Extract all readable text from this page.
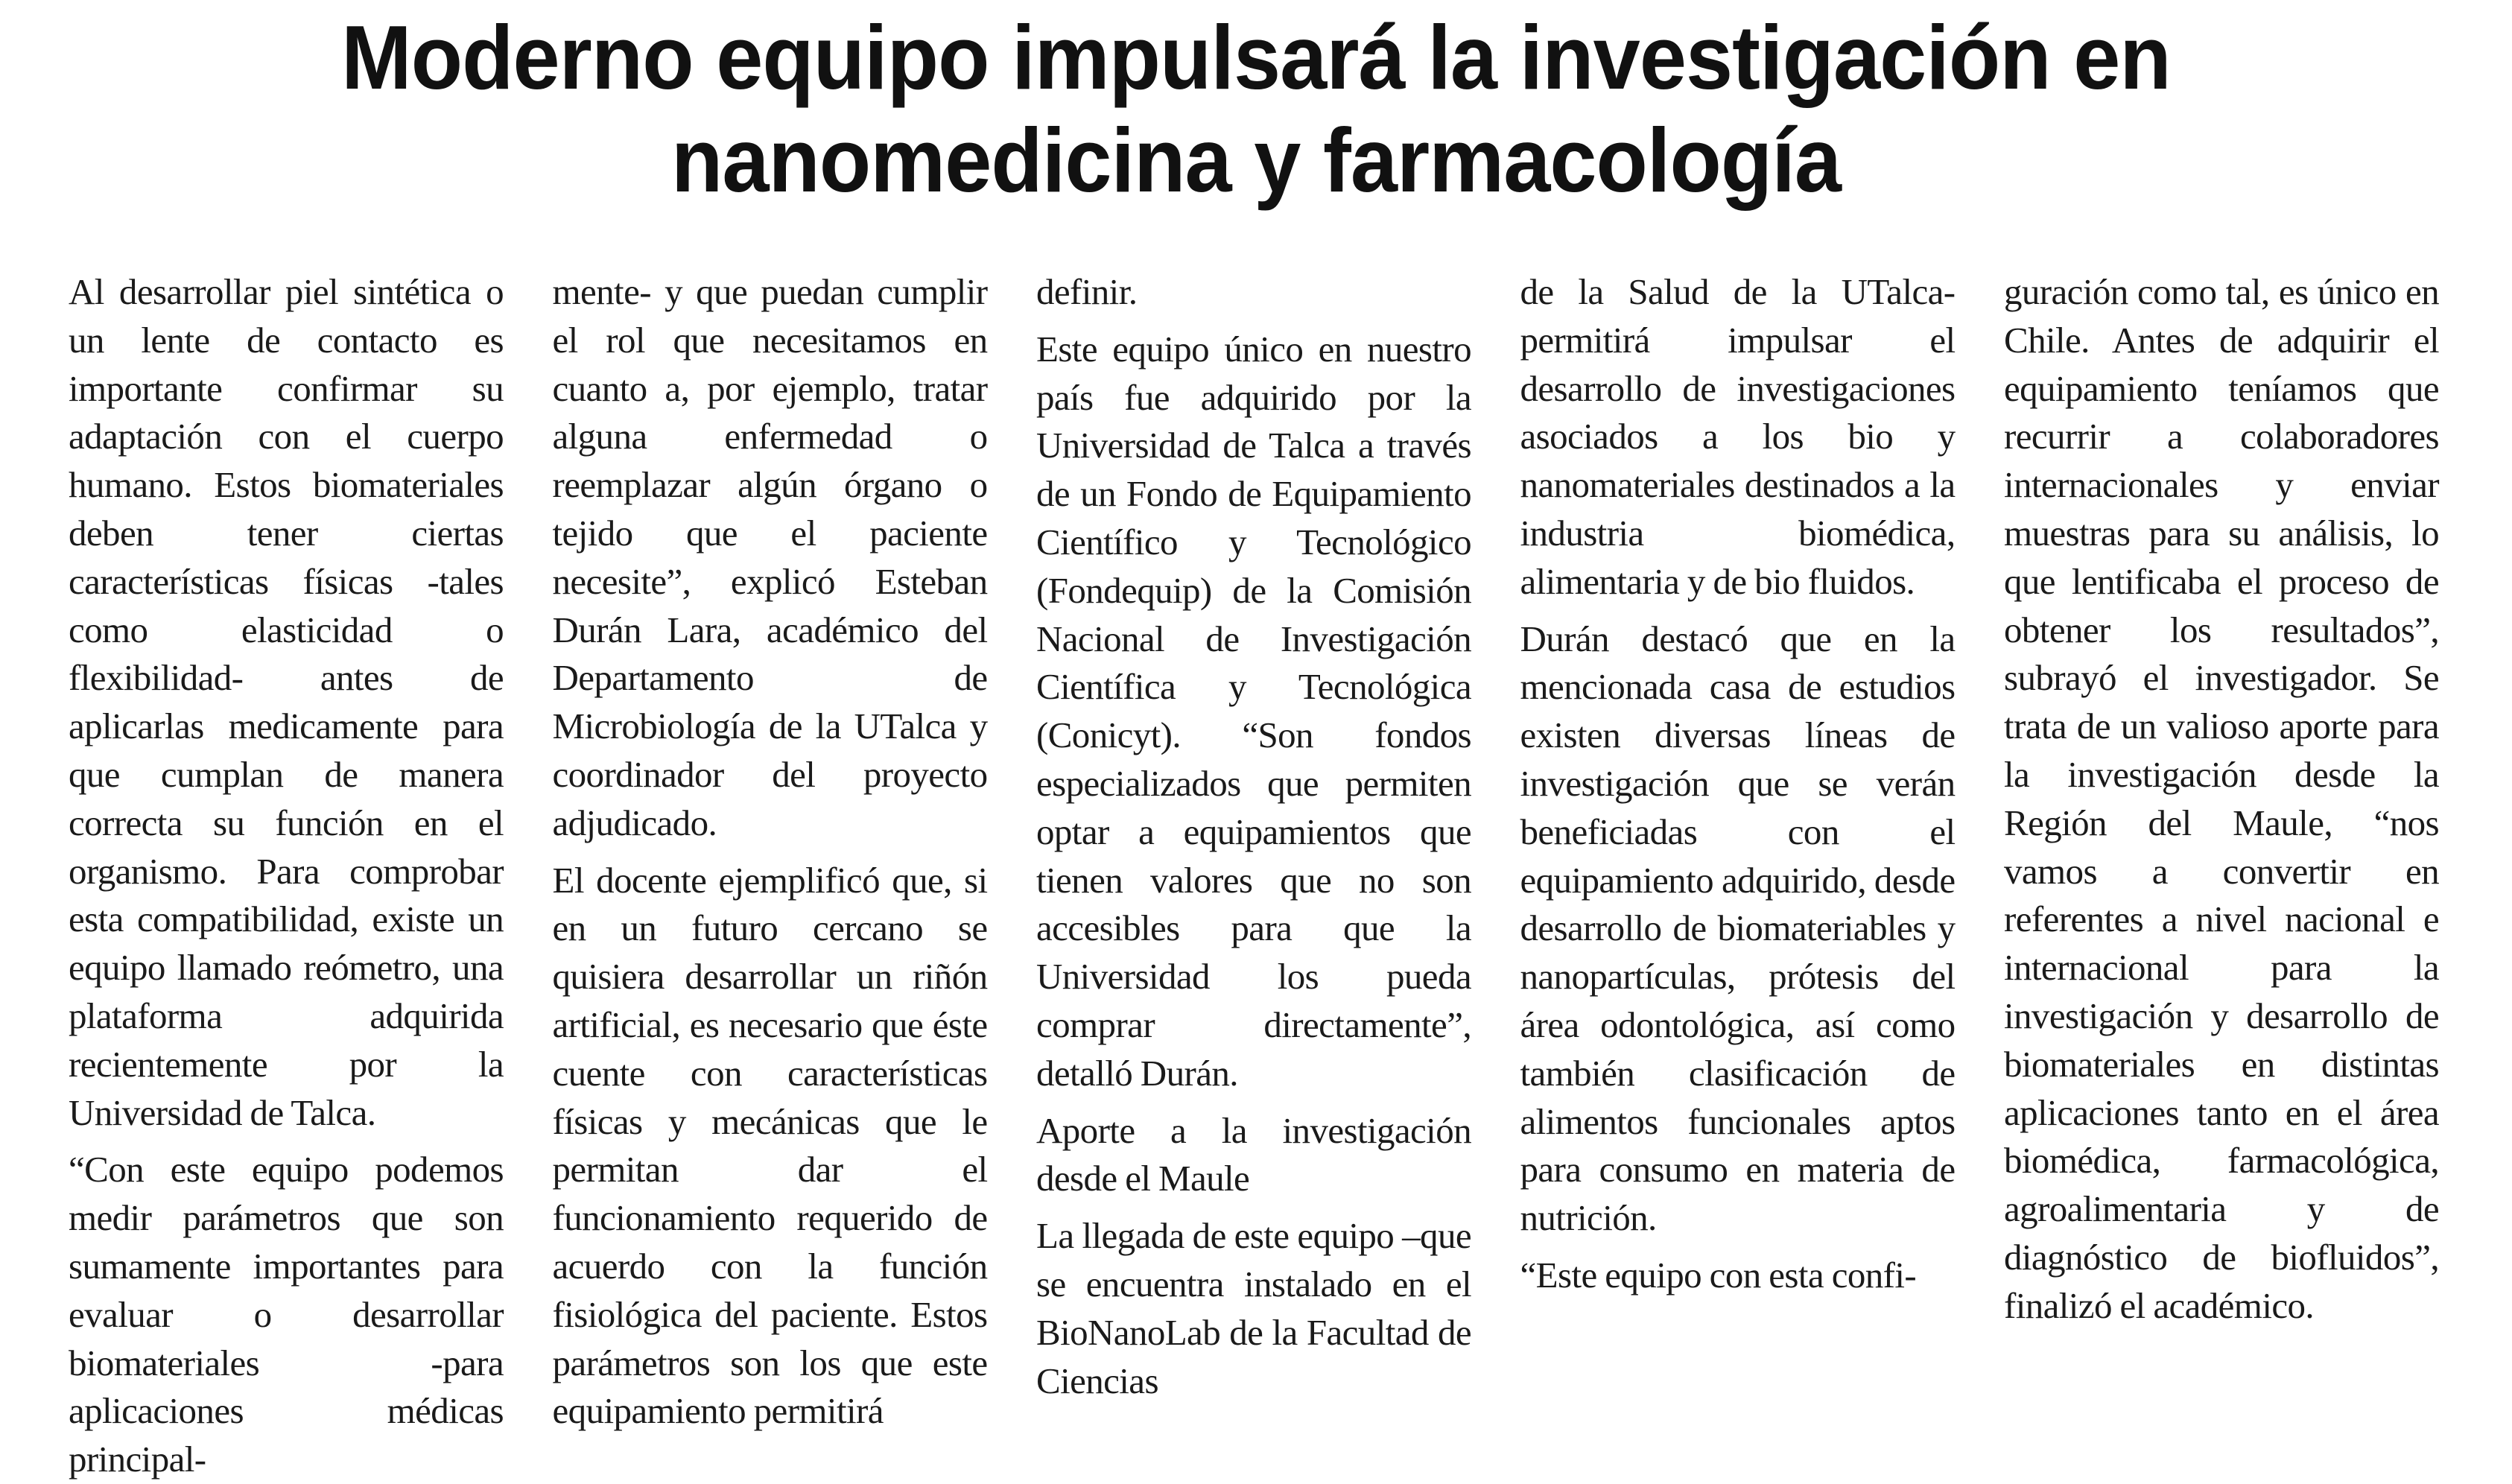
Moderno equipo impulsará la investigación en
nanomedicina y farmacología

Al desarrollar piel sintética o un lente de contacto es importante confirmar su adaptación con el cuerpo humano. Estos biomateriales deben tener ciertas características físicas -tales como elasticidad o flexibilidad- antes de aplicarlas medicamente para que cumplan de manera correcta su función en el organismo. Para comprobar esta compatibilidad, existe un equipo llamado reómetro, una plataforma adquirida recientemente por la Universidad de Talca.

“Con este equipo podemos medir parámetros que son sumamente importantes para evaluar o desarrollar biomateriales -para aplicaciones médicas principal-

mente- y que puedan cumplir el rol que necesitamos en cuanto a, por ejemplo, tratar alguna enfermedad o reemplazar algún órgano o tejido que el paciente necesite”, explicó Esteban Durán Lara, académico del Departamento de Microbiología de la UTalca y coordinador del proyecto adjudicado.

El docente ejemplificó que, si en un futuro cercano se quisiera desarrollar un riñón artificial, es necesario que éste cuente con características físicas y mecánicas que le permitan dar el funcionamiento requerido de acuerdo con la función fisiológica del paciente. Estos parámetros son los que este equipamiento permitirá

definir.

Este equipo único en nuestro país fue adquirido por la Universidad de Talca a través de un Fondo de Equipamiento Científico y Tecnológico (Fondequip) de la Comisión Nacional de Investigación Científica y Tecnológica (Conicyt). “Son fondos especializados que permiten optar a equipamientos que tienen valores que no son accesibles para que la Universidad los pueda comprar directamente”, detalló Durán.

Aporte a la investigación desde el Maule

La llegada de este equipo –que se encuentra instalado en el BioNanoLab de la Facultad de Ciencias

de la Salud de la UTalca- permitirá impulsar el desarrollo de investigaciones asociados a los bio y nanomateriales destinados a la industria biomédica, alimentaria y de bio fluidos.

Durán destacó que en la mencionada casa de estudios existen diversas líneas de investigación que se verán beneficiadas con el equipamiento adquirido, desde desarrollo de biomateriables y nanopartículas, prótesis del área odontológica, así como también clasificación de alimentos funcionales aptos para consumo en materia de nutrición.

“Este equipo con esta confi-

guración como tal, es único en Chile. Antes de adquirir el equipamiento teníamos que recurrir a colaboradores internacionales y enviar muestras para su análisis, lo que lentificaba el proceso de obtener los resultados”, subrayó el investigador. Se trata de un valioso aporte para la investigación desde la Región del Maule, “nos vamos a convertir en referentes a nivel nacional e internacional para la investigación y desarrollo de biomateriales en distintas aplicaciones tanto en el área biomédica, farmacológica, agroalimentaria y de diagnóstico de biofluidos”, finalizó el académico.
